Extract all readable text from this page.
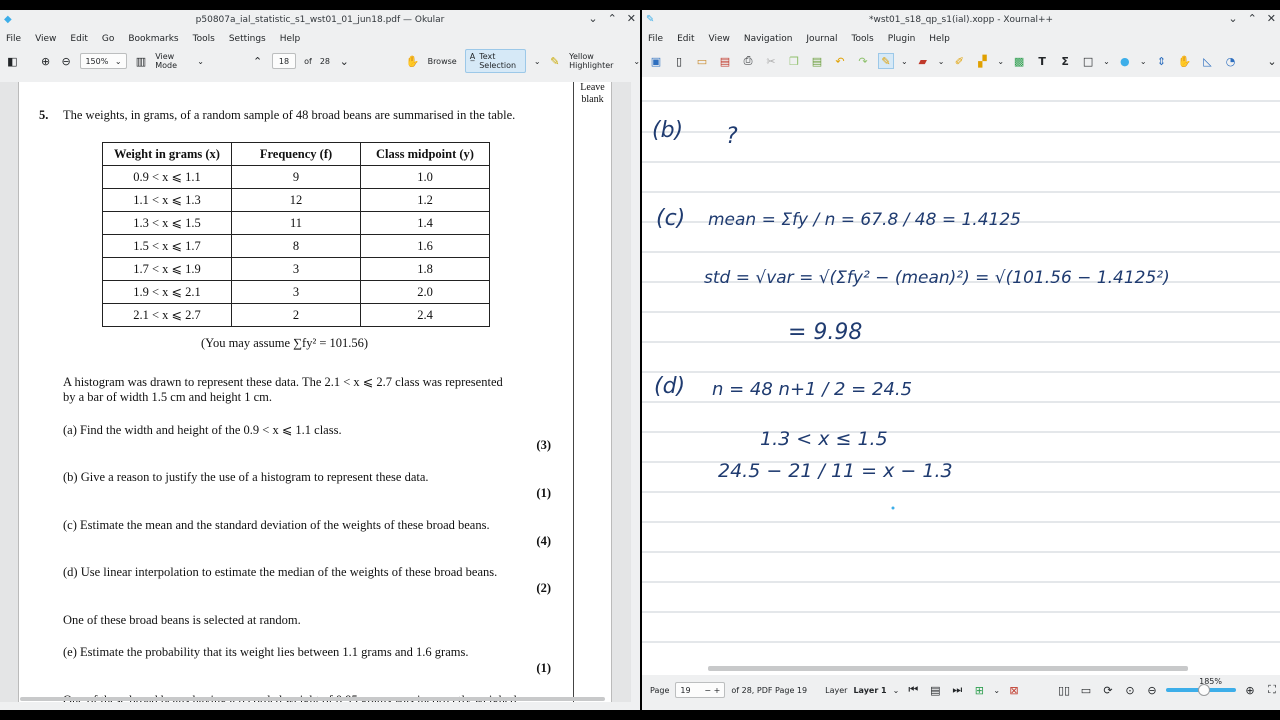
◆	p50807a_ial_statistic_s1_wst01_01_jun18.pdf — Okular	⌄ ⌃ ✕
File View Edit Go Bookmarks Tools Settings Help
◧ ⊕ ⊖ 150% ⌄ ▥ View Mode	⌄	⌃	18	of 28 ⌄	✋ Browse A̲ Text Selection	⌄ ✎ Yellow Highlighter	⌄
Leave
blank
5. The weights, in grams, of a random sample of 48 broad beans are summarised in the table.
Weight in grams (x)	Frequency (f)	Class midpoint (y)
0.9 < x ⩽ 1.1	9	1.0
1.1 < x ⩽ 1.3	12	1.2
1.3 < x ⩽ 1.5	11	1.4
1.5 < x ⩽ 1.7	8	1.6
1.7 < x ⩽ 1.9	3	1.8
1.9 < x ⩽ 2.1	3	2.0
2.1 < x ⩽ 2.7	2	2.4
(You may assume ∑fy² = 101.56)
A histogram was drawn to represent these data. The 2.1 < x ⩽ 2.7 class was represented
by a bar of width 1.5 cm and height 1 cm.
(a) Find the width and height of the 0.9 < x ⩽ 1.1 class.
(3)
(b) Give a reason to justify the use of a histogram to represent these data.
(1)
(c) Estimate the mean and the standard deviation of the weights of these broad beans.
(4)
(d) Use linear interpolation to estimate the median of the weights of these broad beans.
(2)
One of these broad beans is selected at random.
(e) Estimate the probability that its weight lies between 1.1 grams and 1.6 grams.
(1)
✎	*wst01_s18_qp_s1(ial).xopp - Xournal++	⌄ ⌃ ✕
File Edit View Navigation Journal Tools Plugin Help
▣	▯	▭ ▤	⎙	✂	❐ ▤	↶	↷	✎	⌄ ▰	⌄ ✐	▞	⌄ ▩	T	Σ	□	⌄ ●	⌄ ⇕	✋	◺	◔	⌄
(b) ?
(c) mean = Σfy / n = 67.8 / 48 = 1.4125
std = √var = √(Σfy² − (mean)²) = √(101.56 − 1.4125²)
= 9.98
(d) n = 48 n+1 / 2 = 24.5
1.3 < x ≤ 1.5
24.5 − 21 / 11 = x − 1.3
Page 19 − + of 28, PDF Page 19 Layer Layer 1 ⌄ ⏮ ▤ ⏭	⊞	⌄ ⊠	▯▯ ▭	⟳	⊙	⊖	⊕	⛶
185%
